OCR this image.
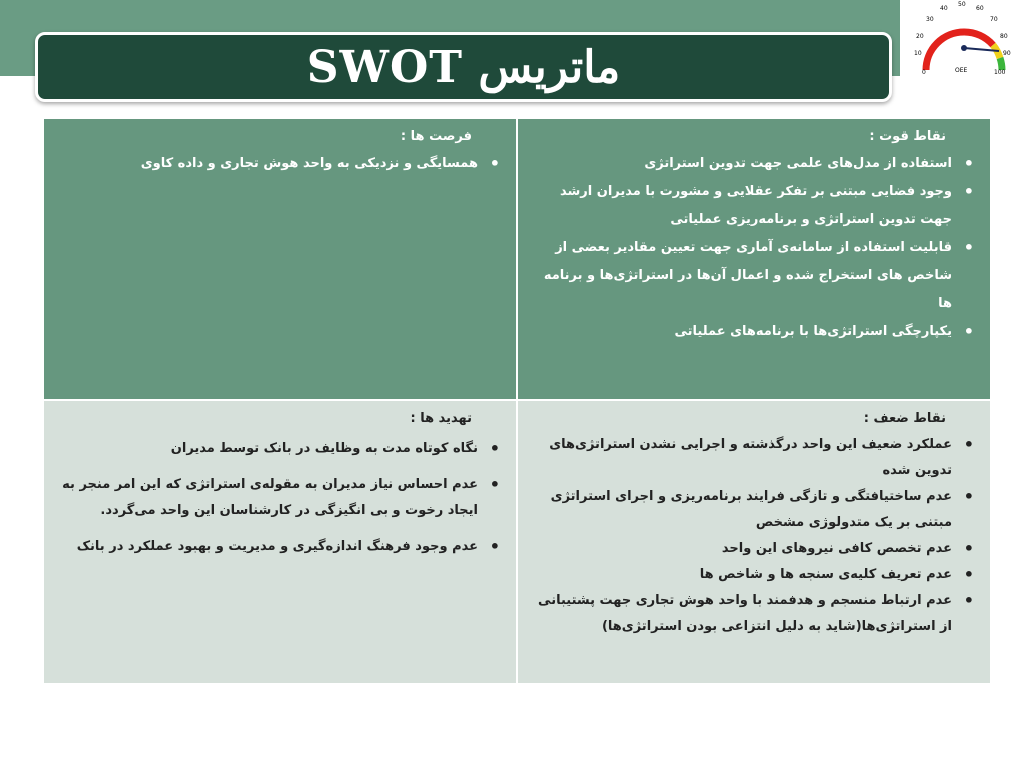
ماتریس SWOT	0
10
20
30
40
50
60
70
80
90
100
OEE
فرصت ها :
• همسایگی و نزدیکی به واحد هوش تجاری و داده کاوی
نقاط قوت :
• استفاده از مدل‌های علمی جهت تدوین استراتژی
• وجود فضایی مبتنی بر تفکر عقلایی و مشورت با مدیران ارشد جهت تدوین استراتژی و برنامه‌ریزی عملیاتی
• قابلیت استفاده از سامانه‌ی آماری جهت تعیین مقادیر بعضی از شاخص های استخراج شده و اعمال آن‌ها در استراتژی‌ها و برنامه ها
• یکپارچگی استراتژی‌ها با برنامه‌های عملیاتی
تهدید ها :
• نگاه کوتاه مدت به وظایف در بانک توسط مدیران
• عدم احساس نیاز مدیران به مقوله‌ی استراتژی که این امر منجر به ایجاد رخوت و بی انگیزگی در کارشناسان این واحد می‌گردد.
• عدم وجود فرهنگ اندازه‌گیری و مدیریت و بهبود عملکرد در بانک
نقاط ضعف :
• عملکرد ضعیف این واحد درگذشته و اجرایی نشدن استراتژی‌های تدوین شده
• عدم ساختیافتگی و تازگی فرایند برنامه‌ریزی و اجرای استراتژی مبتنی بر یک متدولوژی مشخص
• عدم تخصص کافی نیروهای این واحد
• عدم تعریف کلیه‌ی سنجه ها و شاخص ها
• عدم ارتباط منسجم و هدفمند با واحد هوش تجاری جهت پشتیبانی از استراتژی‌ها(شاید به دلیل انتزاعی بودن استراتژی‌ها)
